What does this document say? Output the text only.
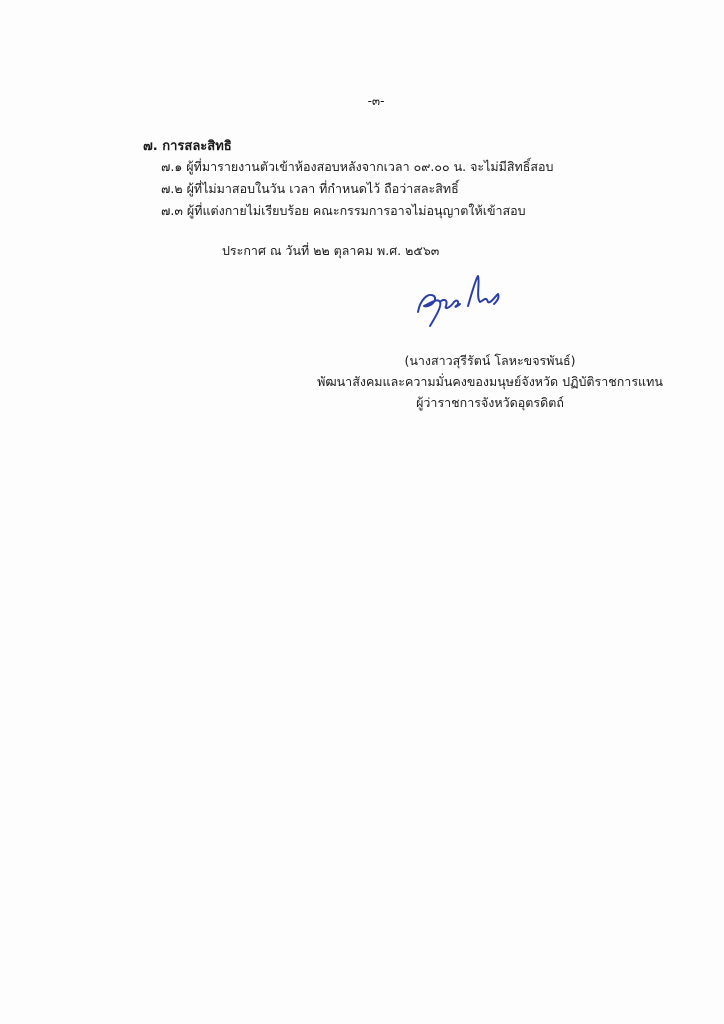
-๓-
๗. การสละสิทธิ
๗.๑ ผู้ที่มารายงานตัวเข้าห้องสอบหลังจากเวลา ๐๙.๐๐ น. จะไม่มีสิทธิ์สอบ
๗.๒ ผู้ที่ไม่มาสอบในวัน เวลา ที่กำหนดไว้ ถือว่าสละสิทธิ์
๗.๓ ผู้ที่แต่งกายไม่เรียบร้อย คณะกรรมการอาจไม่อนุญาตให้เข้าสอบ
ประกาศ ณ วันที่ ๒๒ ตุลาคม พ.ศ. ๒๕๖๓
(นางสาวสุรีรัตน์ โลหะขจรพันธ์)
พัฒนาสังคมและความมั่นคงของมนุษย์จังหวัด ปฏิบัติราชการแทน
ผู้ว่าราชการจังหวัดอุตรดิตถ์
